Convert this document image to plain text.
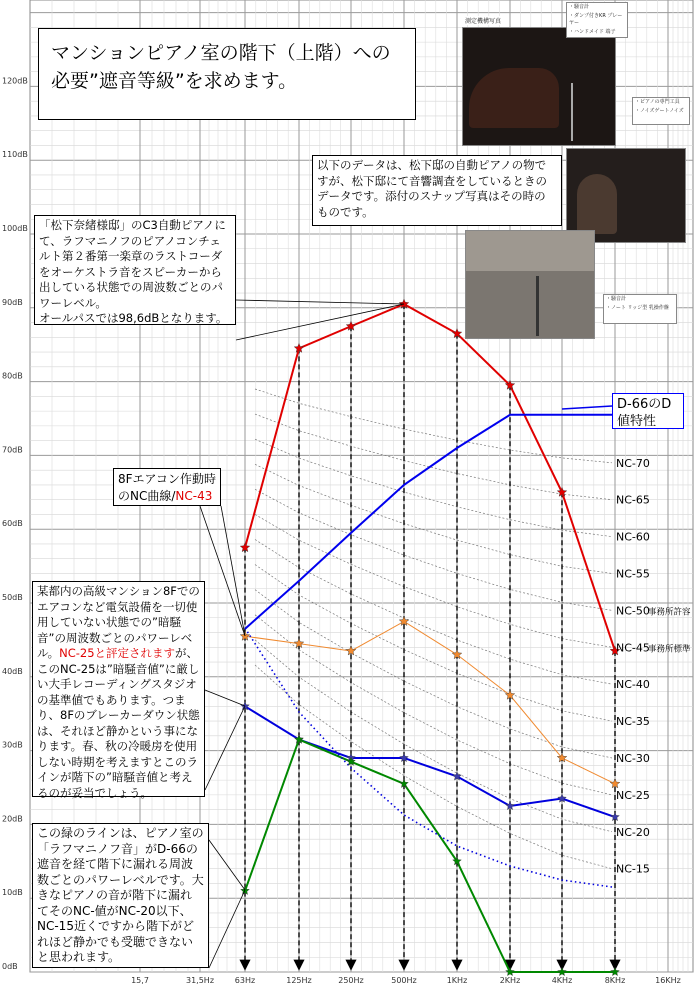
0dB
10dB
20dB
30dB
40dB
50dB
60dB
70dB
80dB
90dB
100dB
110dB
120dB
15,7	31,5Hz	63Hz	125Hz	250Hz	500Hz	1KHz	2KHz	4KHz	8KHz	16KHz
NC-70
NC-65
NC-60
NC-55
NC-50
事務所許容
NC-45
事務所標準
NC-40
NC-35
NC-30
NC-25
NC-20
NC-15
マンションピアノ室の階下（上階）への必要”遮音等級”を求めます。
以下のデータは、松下邸の自動ピアノの物ですが、松下邸にて音響調査をしているときのデータです。添付のスナップ写真はその時のものです。
「松下奈緒様邸」のC3自動ピアノにて、ラフマニノフのピアノコンチェルト第２番第一楽章のラストコーダをオーケストラ音をスピーカーから出している状態での周波数ごとのパワーレベル。
オールパスでは98,6dBとなります。
8Fエアコン作動時のNC曲線/NC-43
某都内の高級マンション8Fでのエアコンなど電気設備を一切使用していない状態での”暗騒音”の周波数ごとのパワーレベル。NC-25と評定されますが、このNC-25は”暗騒音値”に厳しい大手レコーディングスタジオの基準値でもあります。つまり、8Fのブレーカーダウン状態は、それほど静かという事になります。春、秋の冷暖房を使用しない時期を考えますとこのラインが階下の”暗騒音値と考えるのが妥当でしょう。
この緑のラインは、ピアノ室の「ラフマニノフ音」がD-66の遮音を経て階下に漏れる周波数ごとのパワーレベルです。大きなピアノの音が階下に漏れてそのNC-値がNC-20以下、NC-15近くですから階下がどれほど静かでも受聴できないと思われます。
D-66のD値特性
測定機構写真
・騒音計
・ダンプ付きKR プレーヤー
・ハンドメイド 端子
・ピアノの専門工具
・ノイズゲートノイズ
・騒音計
・ノート リッジ型 乳操作盤
